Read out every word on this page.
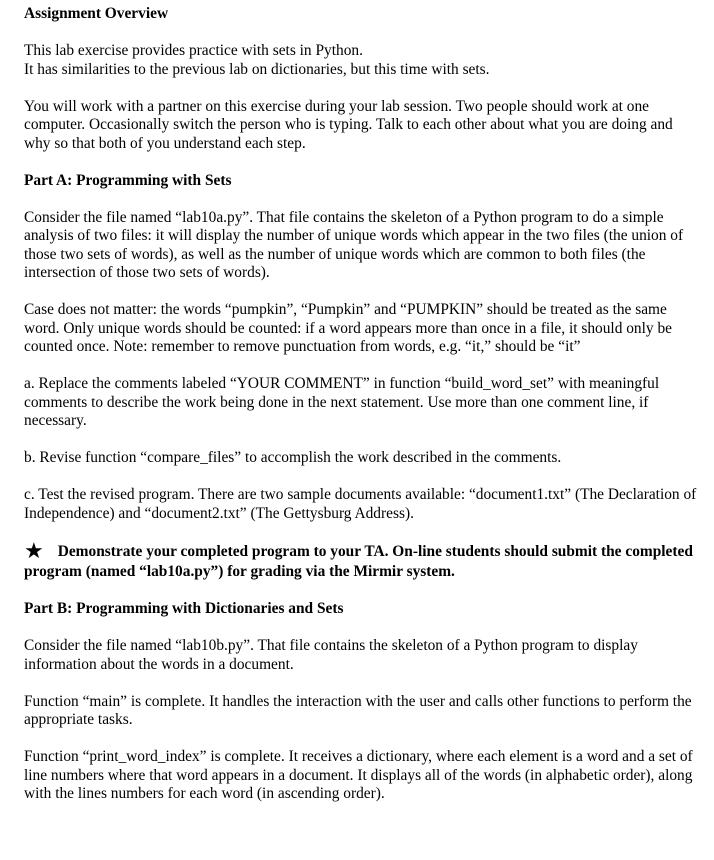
Assignment Overview

This lab exercise provides practice with sets in Python.

It has similarities to the previous lab on dictionaries, but this time with sets.

You will work with a partner on this exercise during your lab session. Two people should work at one computer. Occasionally switch the person who is typing. Talk to each other about what you are doing and why so that both of you understand each step.

Part A: Programming with Sets

Consider the file named “lab10a.py”. That file contains the skeleton of a Python program to do a simple analysis of two files: it will display the number of unique words which appear in the two files (the union of those two sets of words), as well as the number of unique words which are common to both files (the intersection of those two sets of words).

Case does not matter: the words “pumpkin”, “Pumpkin” and “PUMPKIN” should be treated as the same word. Only unique words should be counted: if a word appears more than once in a file, it should only be counted once. Note: remember to remove punctuation from words, e.g. “it,” should be “it”

a. Replace the comments labeled “YOUR COMMENT” in function “build_word_set” with meaningful comments to describe the work being done in the next statement. Use more than one comment line, if necessary.

b. Revise function “compare_files” to accomplish the work described in the comments.

c. Test the revised program. There are two sample documents available: “document1.txt” (The Declaration of Independence) and “document2.txt” (The Gettysburg Address).

★ Demonstrate your completed program to your TA. On-line students should submit the completed program (named “lab10a.py”) for grading via the Mirmir system.

Part B: Programming with Dictionaries and Sets

Consider the file named “lab10b.py”. That file contains the skeleton of a Python program to display information about the words in a document.

Function “main” is complete. It handles the interaction with the user and calls other functions to perform the appropriate tasks.

Function “print_word_index” is complete. It receives a dictionary, where each element is a word and a set of line numbers where that word appears in a document. It displays all of the words (in alphabetic order), along with the lines numbers for each word (in ascending order).
